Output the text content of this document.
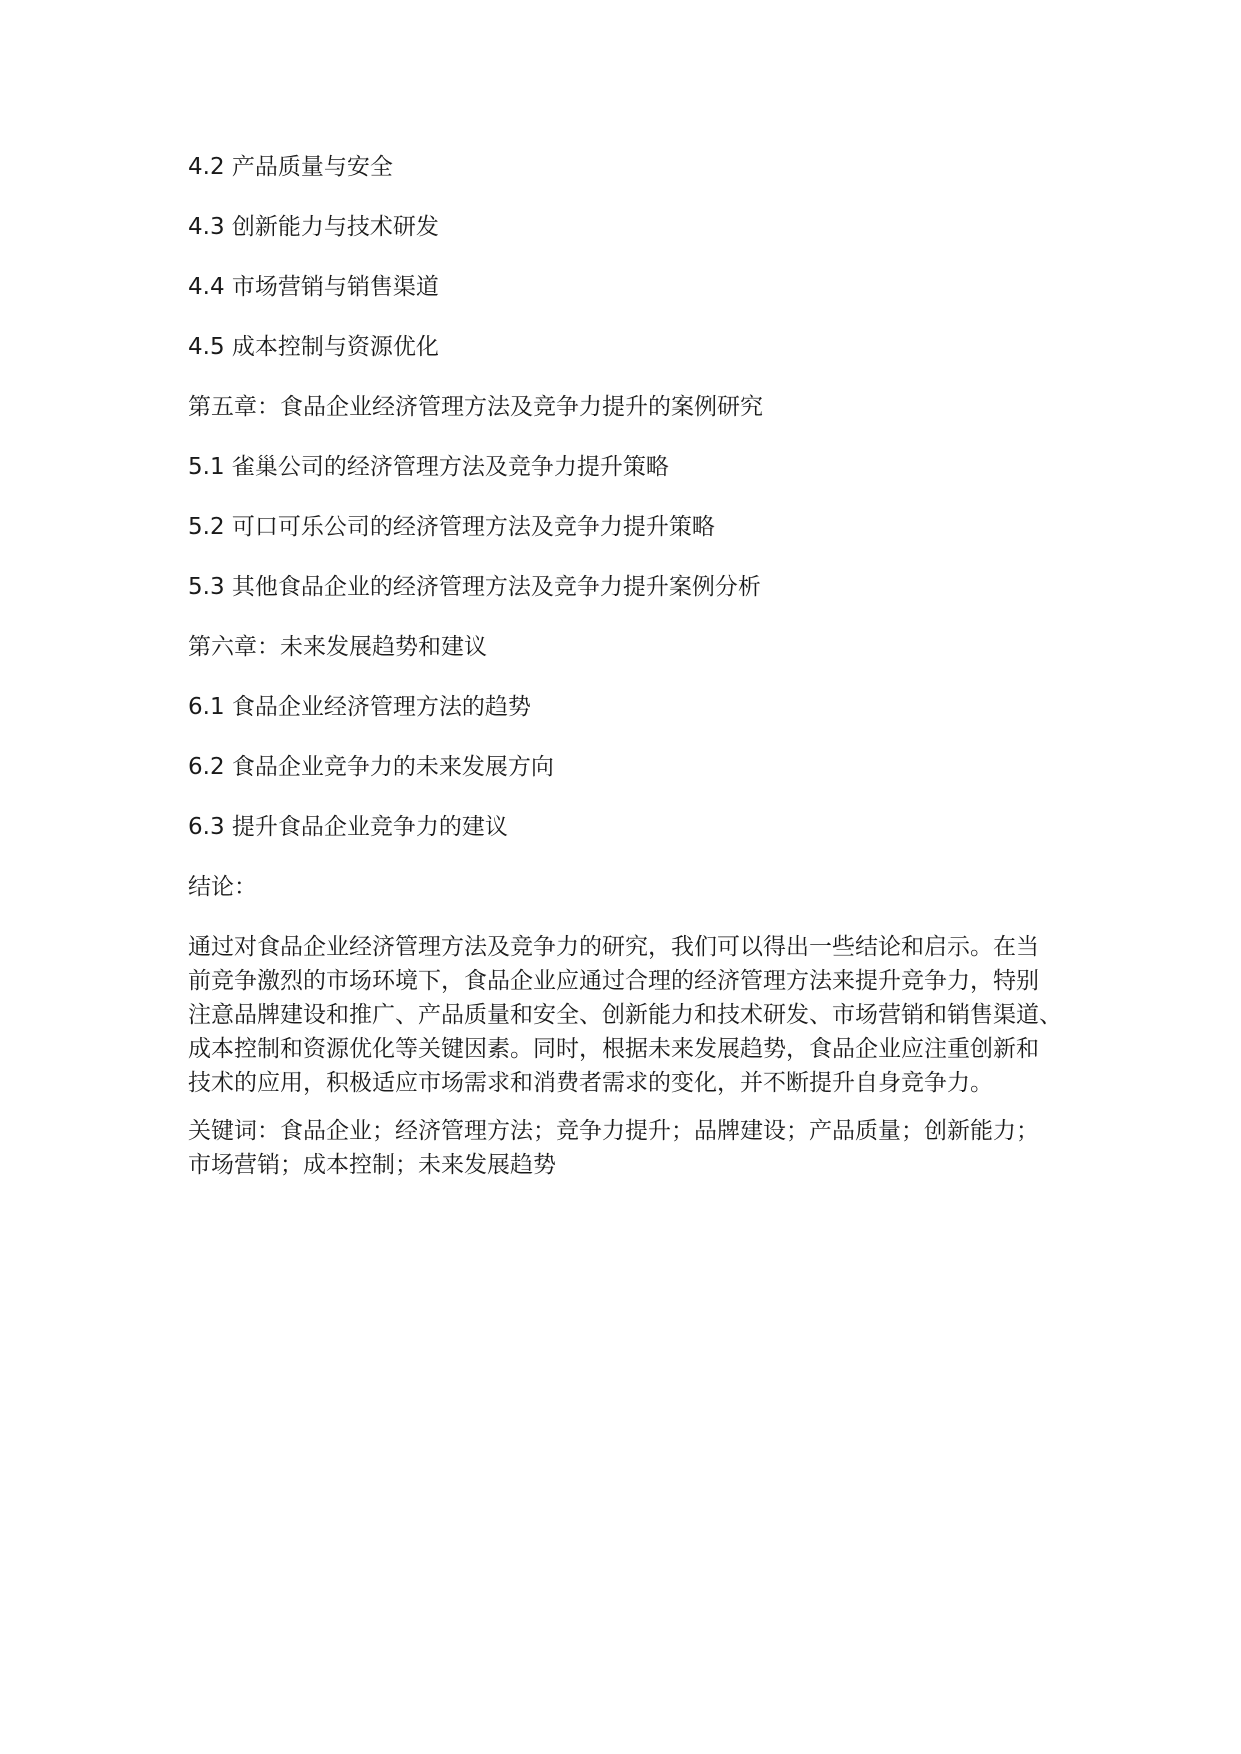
4.2 产品质量与安全
4.3 创新能力与技术研发
4.4 市场营销与销售渠道
4.5 成本控制与资源优化
第五章：食品企业经济管理方法及竞争力提升的案例研究
5.1 雀巢公司的经济管理方法及竞争力提升策略
5.2 可口可乐公司的经济管理方法及竞争力提升策略
5.3 其他食品企业的经济管理方法及竞争力提升案例分析
第六章：未来发展趋势和建议
6.1 食品企业经济管理方法的趋势
6.2 食品企业竞争力的未来发展方向
6.3 提升食品企业竞争力的建议
结论：
通过对食品企业经济管理方法及竞争力的研究，我们可以得出一些结论和启示。在当
前竞争激烈的市场环境下，食品企业应通过合理的经济管理方法来提升竞争力，特别
注意品牌建设和推广、产品质量和安全、创新能力和技术研发、市场营销和销售渠道、
成本控制和资源优化等关键因素。同时，根据未来发展趋势，食品企业应注重创新和
技术的应用，积极适应市场需求和消费者需求的变化，并不断提升自身竞争力。
关键词：食品企业；经济管理方法；竞争力提升；品牌建设；产品质量；创新能力；
市场营销；成本控制；未来发展趋势
